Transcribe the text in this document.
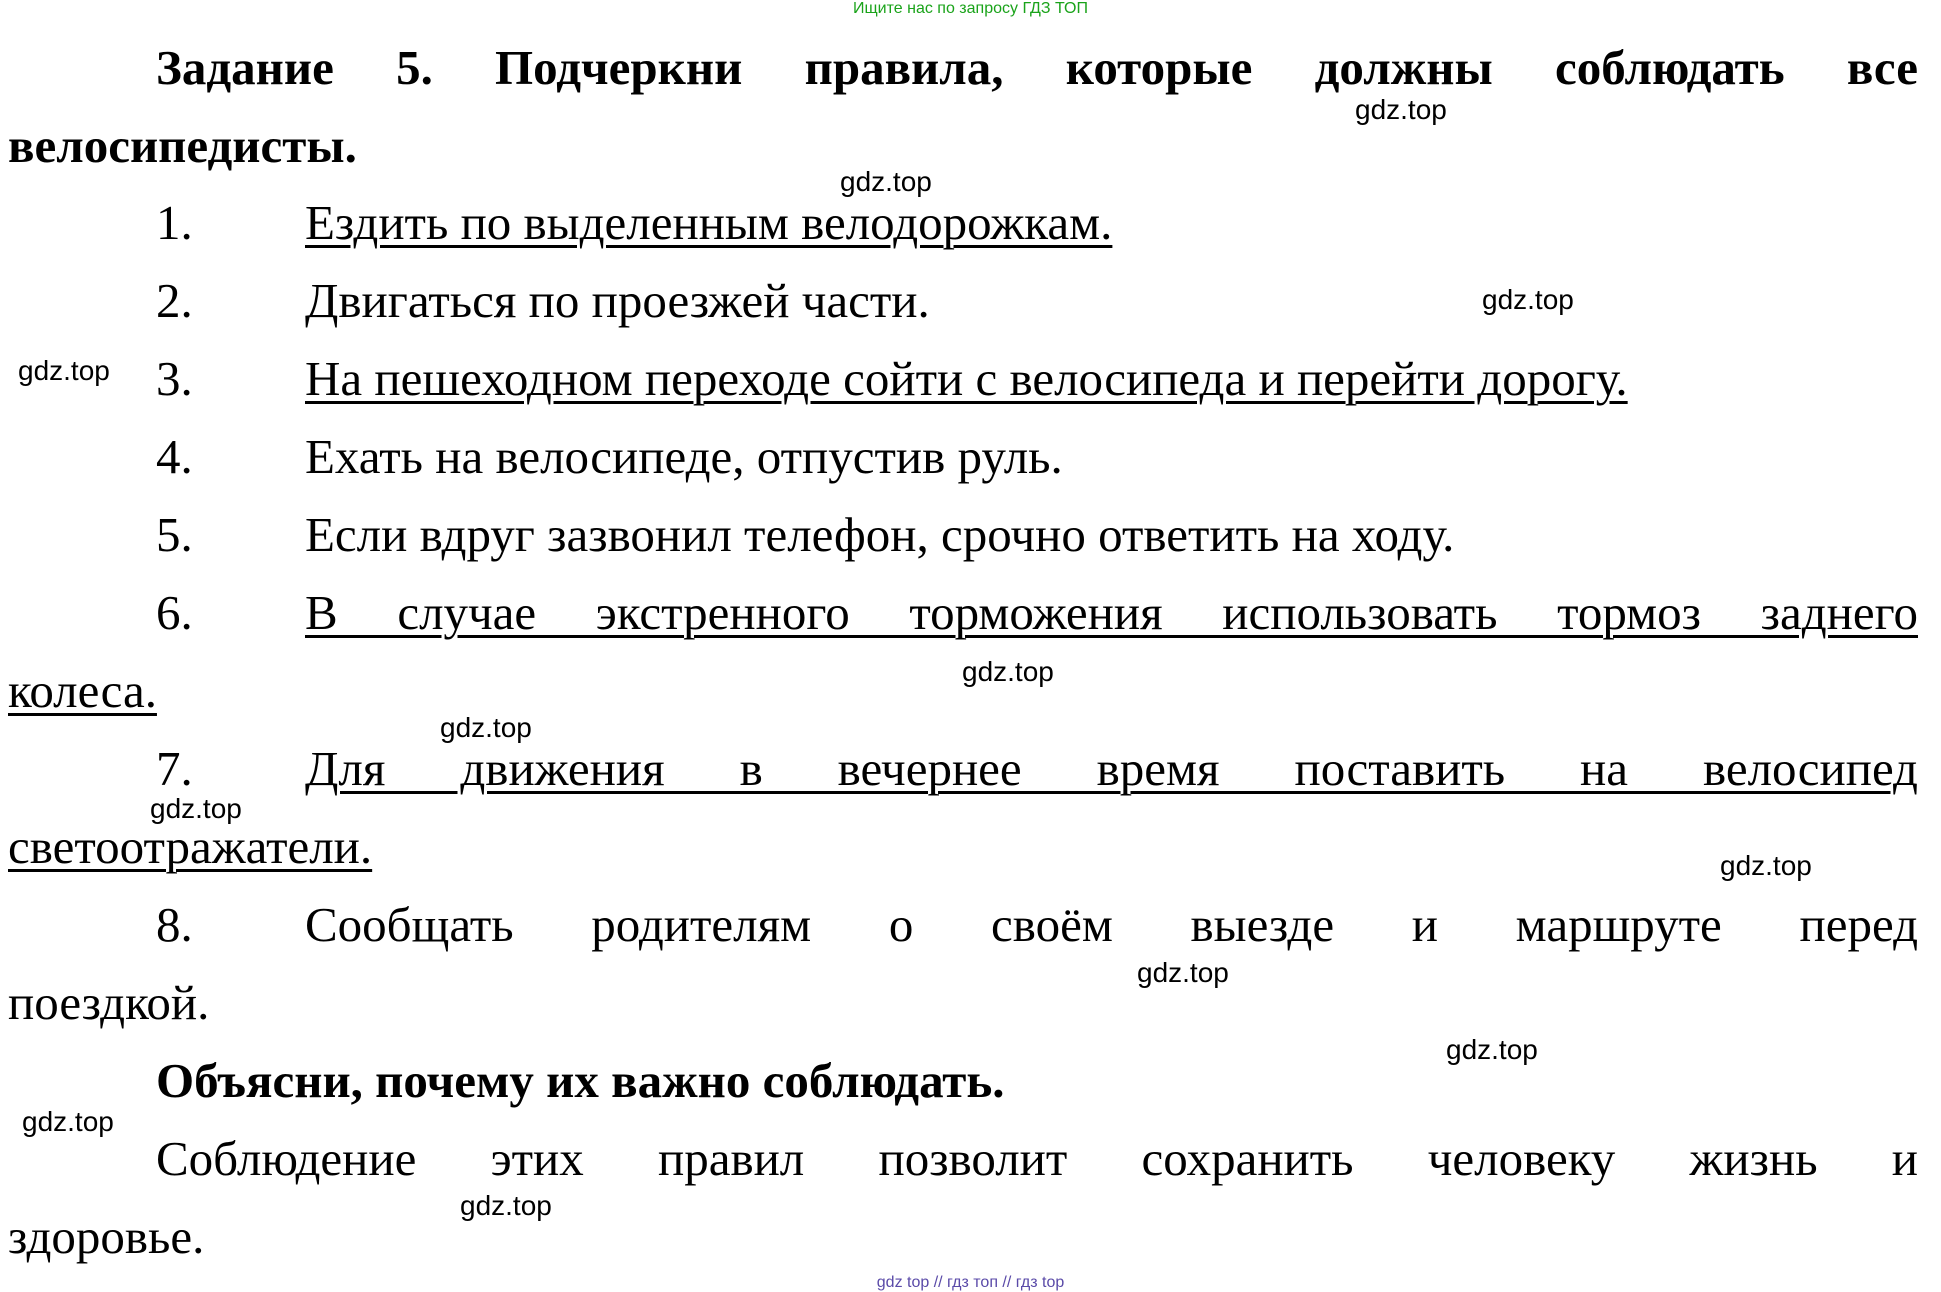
Ищите нас по запросу ГДЗ ТОП
Задание 5. Подчеркни правила, которые должны соблюдать все
велосипедисты.
1. Ездить по выделенным велодорожкам.
2. Двигаться по проезжей части.
3. На пешеходном переходе сойти с велосипеда и перейти дорогу.
4. Ехать на велосипеде, отпустив руль.
5. Если вдруг зазвонил телефон, срочно ответить на ходу.
6. В случае экстренного торможения использовать тормоз заднего
колеса.
7. Для движения в вечернее время поставить на велосипед
светоотражатели.
8. Сообщать родителям о своём выезде и маршруте перед
поездкой.
Объясни, почему их важно соблюдать.
Соблюдение этих правил позволит сохранить человеку жизнь и
здоровье.
gdz.top
gdz.top
gdz.top
gdz.top
gdz.top
gdz.top
gdz.top
gdz.top
gdz.top
gdz.top
gdz.top
gdz.top
gdz top // гдз топ // гдз top
